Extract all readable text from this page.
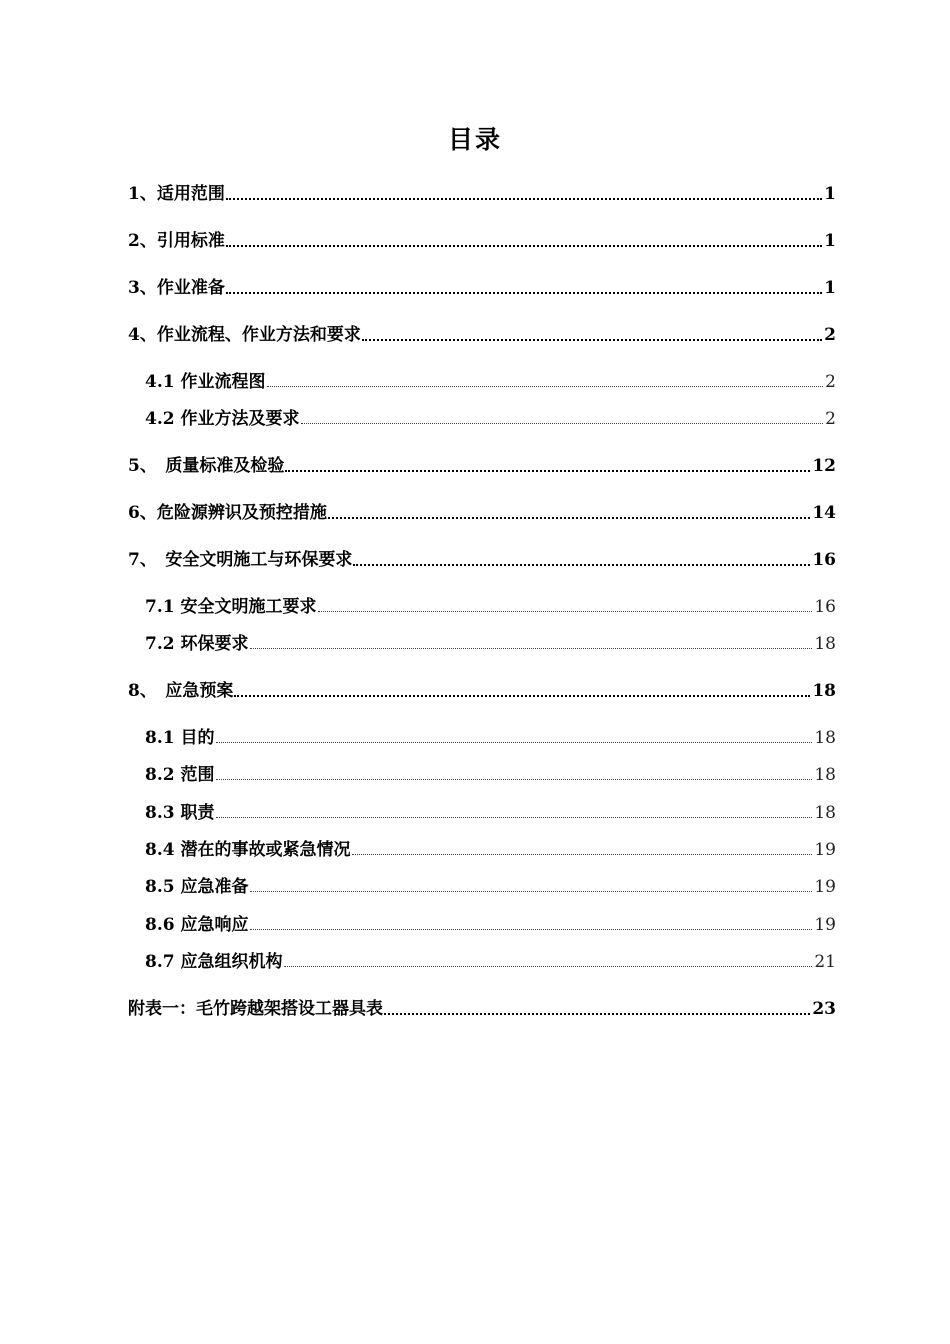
目录
1、适用范围	1
2、引用标准	1
3、作业准备	1
4、作业流程、作业方法和要求	2
4.1 作业流程图	2
4.2 作业方法及要求	2
5、　质量标准及检验	12
6、危险源辨识及预控措施	14
7、　安全文明施工与环保要求	16
7.1 安全文明施工要求	16
7.2 环保要求	18
8、　应急预案	18
8.1 目的	18
8.2 范围	18
8.3 职责	18
8.4 潜在的事故或紧急情况	19
8.5 应急准备	19
8.6 应急响应	19
8.7 应急组织机构	21
附表一：毛竹跨越架搭设工器具表	23
